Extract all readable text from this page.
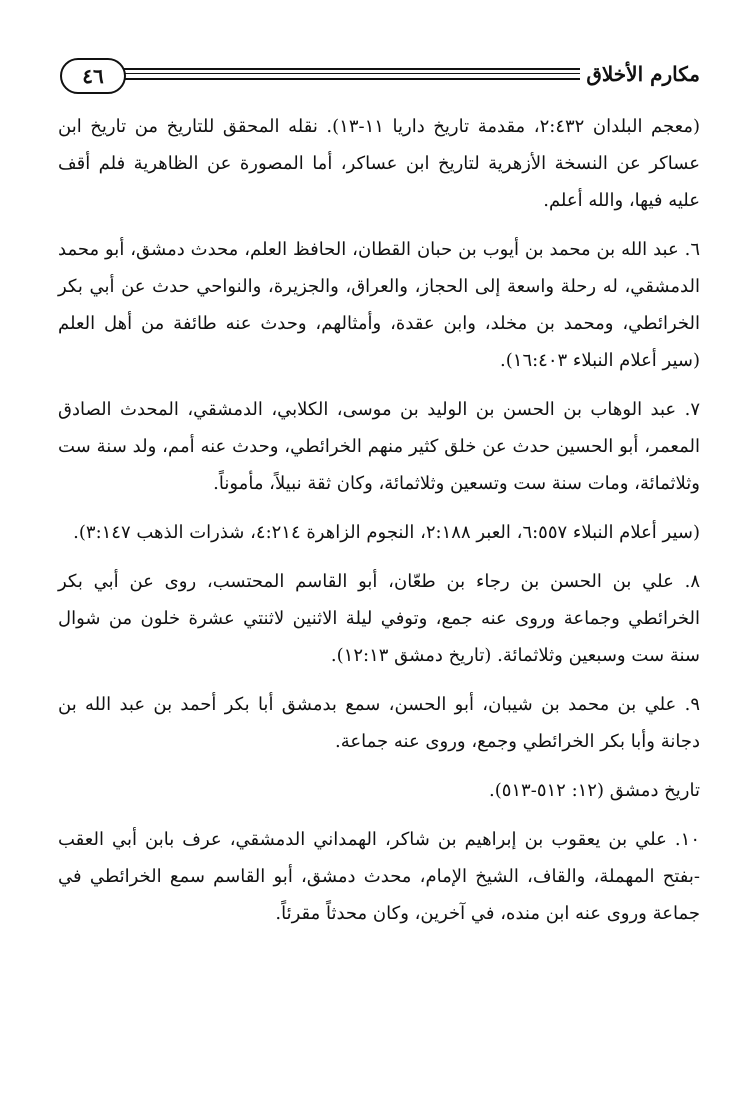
مكارم الأخلاق
٤٦

(معجم البلدان ٢:٤٣٢، مقدمة تاريخ داريا ١١-١٣). نقله المحقق للتاريخ من تاريخ ابن عساكر عن النسخة الأزهرية لتاريخ ابن عساكر، أما المصورة عن الظاهرية فلم أقف عليه فيها، والله أعلم.

٦. عبد الله بن محمد بن أيوب بن حبان القطان، الحافظ العلم، محدث دمشق، أبو محمد الدمشقي، له رحلة واسعة إلى الحجاز، والعراق، والجزيرة، والنواحي حدث عن أبي بكر الخرائطي، ومحمد بن مخلد، وابن عقدة، وأمثالهم، وحدث عنه طائفة من أهل العلم (سير أعلام النبلاء ١٦:٤٠٣).

٧. عبد الوهاب بن الحسن بن الوليد بن موسى، الكلابي، الدمشقي، المحدث الصادق المعمر، أبو الحسين حدث عن خلق كثير منهم الخرائطي، وحدث عنه أمم، ولد سنة ست وثلاثمائة، ومات سنة ست وتسعين وثلاثمائة، وكان ثقة نبيلاً، مأموناً.

(سير أعلام النبلاء ٦:٥٥٧، العبر ٢:١٨٨، النجوم الزاهرة ٤:٢١٤، شذرات الذهب ٣:١٤٧).

٨. علي بن الحسن بن رجاء بن طعّان، أبو القاسم المحتسب، روى عن أبي بكر الخرائطي وجماعة وروى عنه جمع، وتوفي ليلة الاثنين لاثنتي عشرة خلون من شوال سنة ست وسبعين وثلاثمائة. (تاريخ دمشق ١٢:١٣).

٩. علي بن محمد بن شيبان، أبو الحسن، سمع بدمشق أبا بكر أحمد بن عبد الله بن دجانة وأبا بكر الخرائطي وجمع، وروى عنه جماعة.

تاريخ دمشق (١٢: ٥١٢-٥١٣).

١٠. علي بن يعقوب بن إبراهيم بن شاكر، الهمداني الدمشقي، عرف بابن أبي العقب -بفتح المهملة، والقاف، الشيخ الإمام، محدث دمشق، أبو القاسم سمع الخرائطي في جماعة وروى عنه ابن منده، في آخرين، وكان محدثاً مقرئاً.
